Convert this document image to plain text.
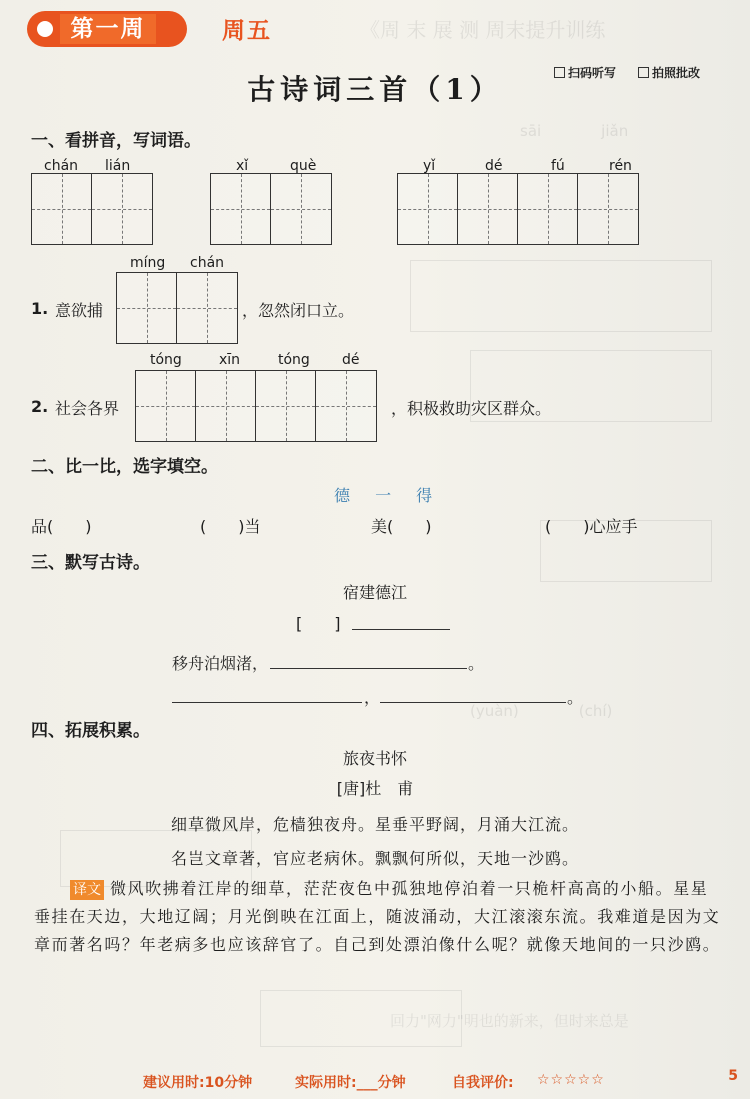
《周 末 展 测 周末提升训练
sāi　　　　jiǎn
(yuàn)　　　　(chí)
回力"网力"明也的新来，但时来总是
第一周	周五
扫码听写	拍照批改
古诗词三首（1）
一、看拼音，写词语。
chán lián	xǐ	què	yǐ	dé	fú	rén
míng chán
1. 意欲捕	，忽然闭口立。
tóng	xīn	tóng dé
2. 社会各界	，积极救助灾区群众。
二、比一比，选字填空。
德 一 得
品(　　)	(　　)当	美(　　)	(　　)心应手
三、默写古诗。
宿建德江
[　　]
移舟泊烟渚，	。
，	。
四、拓展积累。
旅夜书怀
[唐]杜　甫
细草微风岸，危樯独夜舟。星垂平野阔，月涌大江流。
名岂文章著，官应老病休。飘飘何所似，天地一沙鸥。
译文 微风吹拂着江岸的细草，茫茫夜色中孤独地停泊着一只桅杆高高的小船。星星垂挂在天边，大地辽阔；月光倒映在江面上，随波涌动，大江滚滚东流。我难道是因为文章而著名吗？年老病多也应该辞官了。自己到处漂泊像什么呢？就像天地间的一只沙鸥。
建议用时:10分钟	实际用时:___分钟	自我评价: ☆☆☆☆☆	5
